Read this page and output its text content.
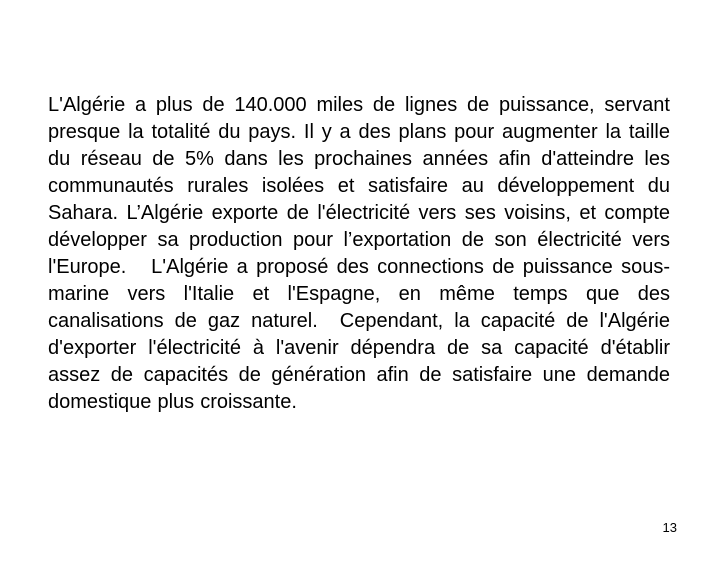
L'Algérie a plus de 140.000 miles de lignes de puissance, servant presque la totalité du pays. Il y a des plans pour augmenter la taille du réseau de 5% dans les prochaines années afin d'atteindre les communautés rurales isolées et satisfaire au développement du Sahara. L’Algérie exporte de l'électricité vers ses voisins, et compte développer sa production pour l’exportation de son électricité vers l'Europe.   L'Algérie a proposé des connections de puissance sous-marine vers l'Italie et l'Espagne, en même temps que des canalisations de gaz naturel.  Cependant, la capacité de l'Algérie d'exporter l'électricité à l'avenir dépendra de sa capacité d'établir assez de capacités de génération afin de satisfaire une demande domestique plus croissante.

13
